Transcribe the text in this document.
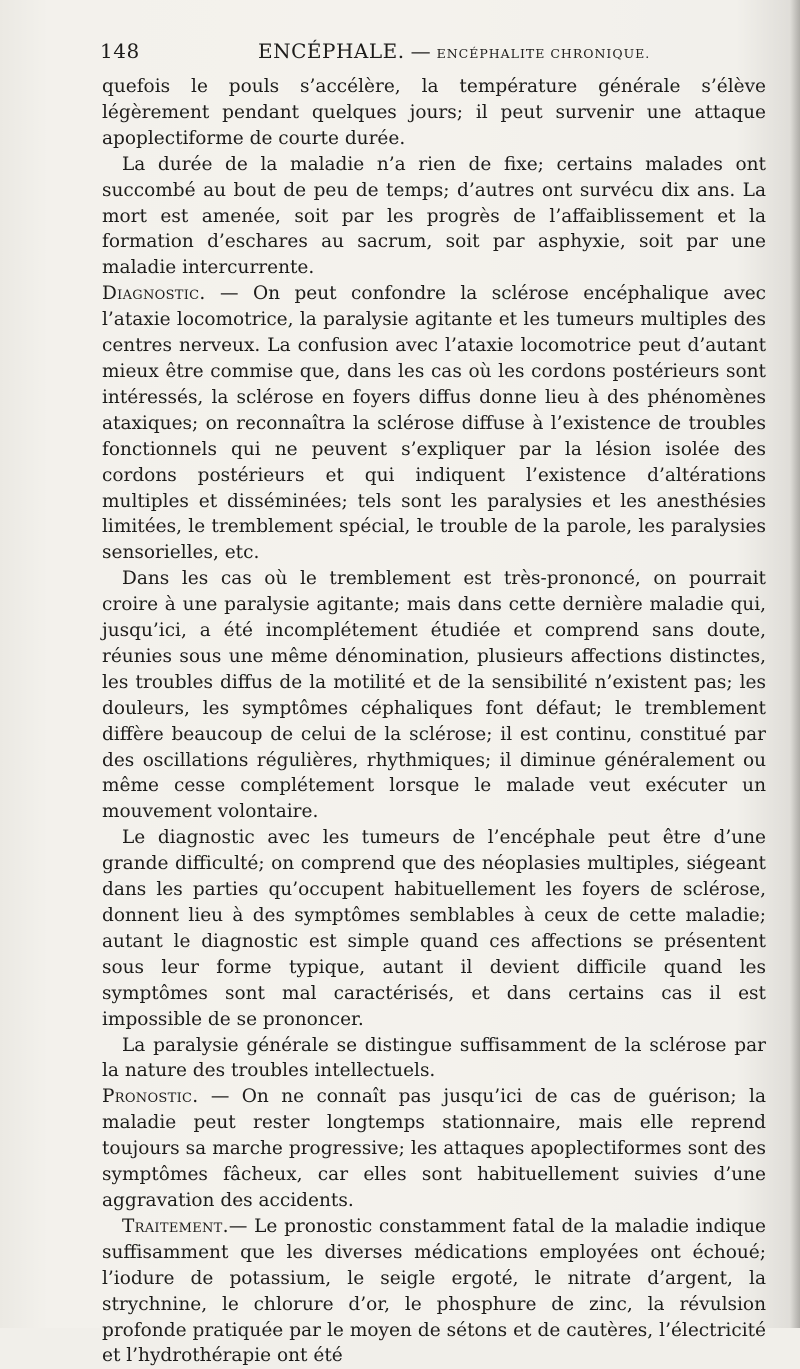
148	ENCÉPHALE. — ENCÉPHALITE CHRONIQUE.

quefois le pouls s’accélère, la température générale s’élève légèrement pendant quelques jours; il peut survenir une attaque apoplectiforme de courte durée.

La durée de la maladie n’a rien de fixe; certains malades ont succombé au bout de peu de temps; d’autres ont survécu dix ans. La mort est amenée, soit par les progrès de l’affaiblissement et la formation d’eschares au sacrum, soit par asphyxie, soit par une maladie intercurrente.

Diagnostic. — On peut confondre la sclérose encéphalique avec l’ataxie locomotrice, la paralysie agitante et les tumeurs multiples des centres nerveux. La confusion avec l’ataxie locomotrice peut d’autant mieux être commise que, dans les cas où les cordons postérieurs sont intéressés, la sclérose en foyers diffus donne lieu à des phénomènes ataxiques; on reconnaîtra la sclérose diffuse à l’existence de troubles fonctionnels qui ne peuvent s’expliquer par la lésion isolée des cordons postérieurs et qui indiquent l’existence d’altérations multiples et disséminées; tels sont les paralysies et les anesthésies limitées, le tremblement spécial, le trouble de la parole, les paralysies sensorielles, etc.

Dans les cas où le tremblement est très-prononcé, on pourrait croire à une paralysie agitante; mais dans cette dernière maladie qui, jusqu’ici, a été incomplétement étudiée et comprend sans doute, réunies sous une même dénomination, plusieurs affections distinctes, les troubles diffus de la motilité et de la sensibilité n’existent pas; les douleurs, les symptômes céphaliques font défaut; le tremblement diffère beaucoup de celui de la sclérose; il est continu, constitué par des oscillations régulières, rhythmiques; il diminue généralement ou même cesse complétement lorsque le malade veut exécuter un mouvement volontaire.

Le diagnostic avec les tumeurs de l’encéphale peut être d’une grande difficulté; on comprend que des néoplasies multiples, siégeant dans les parties qu’occupent habituellement les foyers de sclérose, donnent lieu à des symptômes semblables à ceux de cette maladie; autant le diagnostic est simple quand ces affections se présentent sous leur forme typique, autant il devient difficile quand les symptômes sont mal caractérisés, et dans certains cas il est impossible de se prononcer.

La paralysie générale se distingue suffisamment de la sclérose par la nature des troubles intellectuels.

Pronostic. — On ne connaît pas jusqu’ici de cas de guérison; la maladie peut rester longtemps stationnaire, mais elle reprend toujours sa marche progressive; les attaques apoplectiformes sont des symptômes fâcheux, car elles sont habituellement suivies d’une aggravation des accidents.

Traitement.— Le pronostic constamment fatal de la maladie indique suffisamment que les diverses médications employées ont échoué; l’iodure de potassium, le seigle ergoté, le nitrate d’argent, la strychnine, le chlorure d’or, le phosphure de zinc, la révulsion profonde pratiquée par le moyen de sétons et de cautères, l’électricité et l’hydrothérapie ont été
